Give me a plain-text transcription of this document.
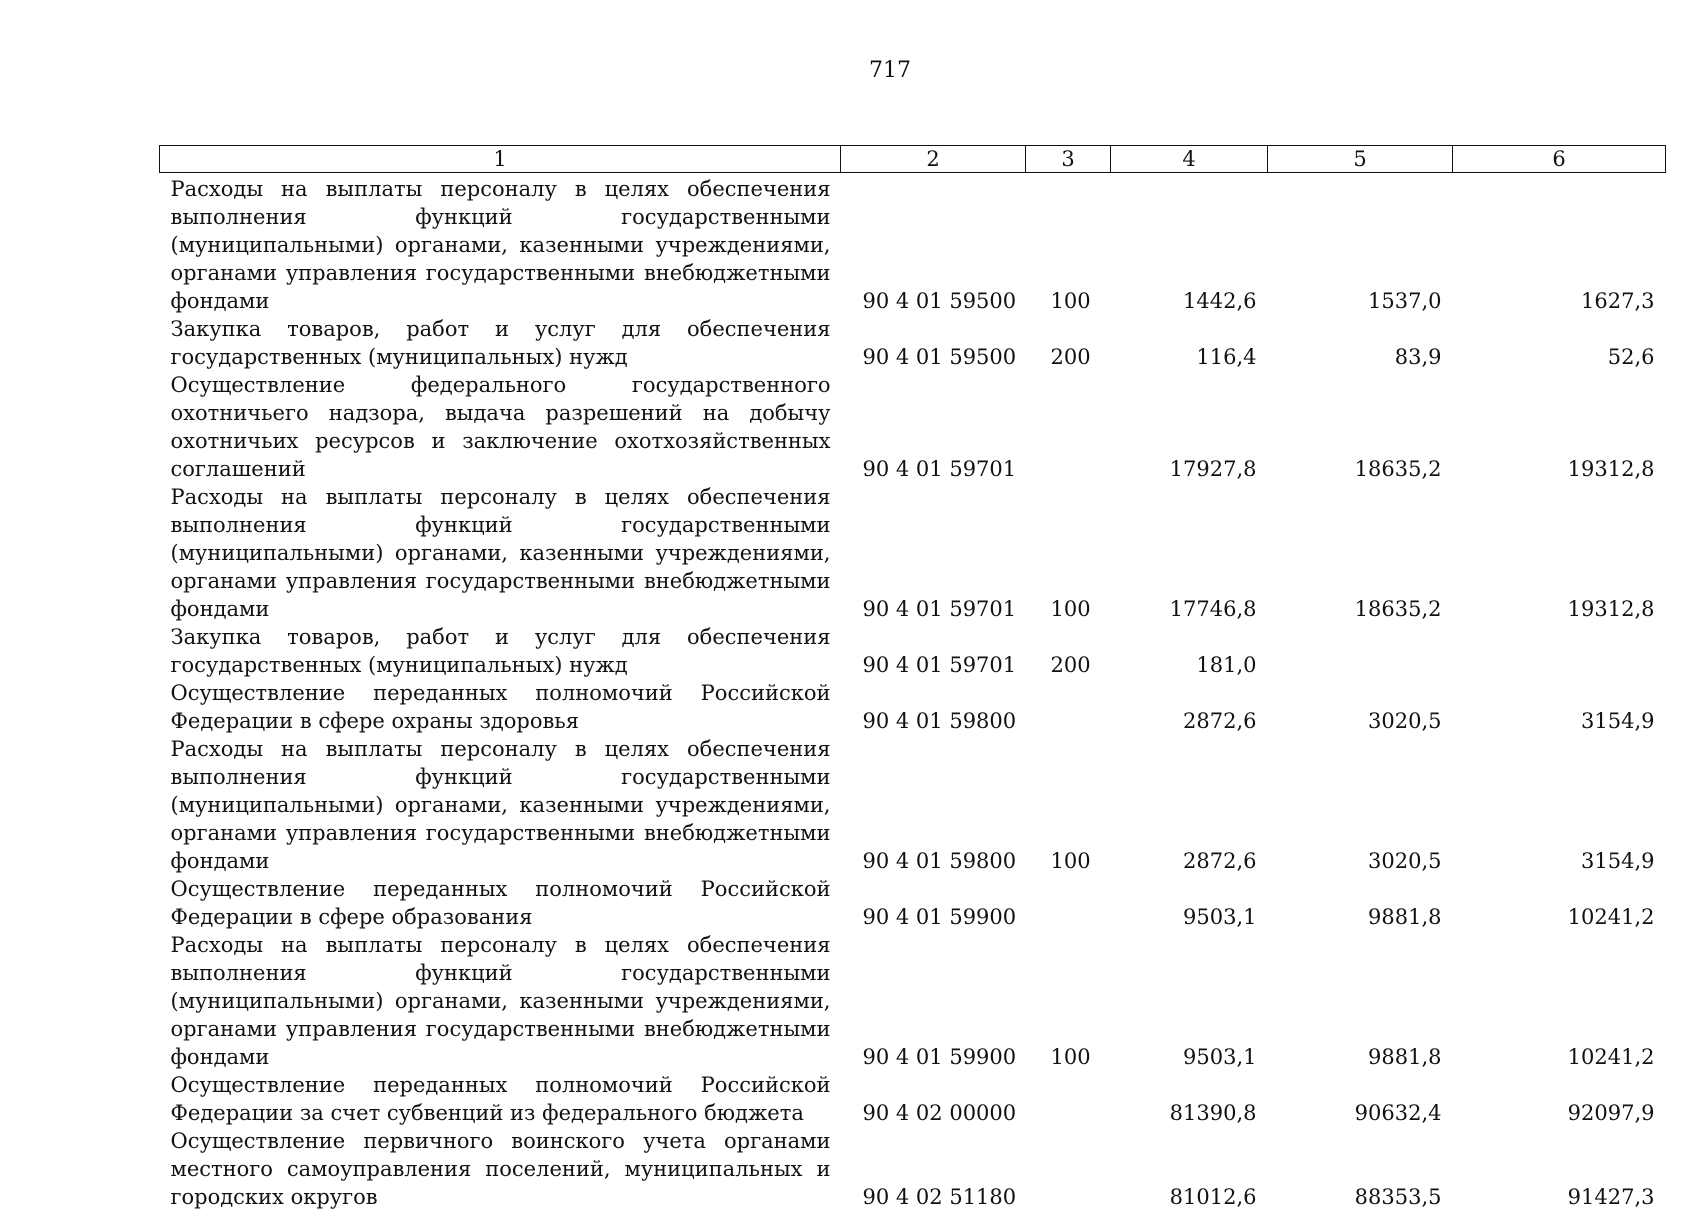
717
1	2	3	4	5	6
Расходы на выплаты персоналу в целях обеспечения выполнения функций государственными (муниципальными) органами, казенными учреждениями, органами управления государственными внебюджетными фондами	90 4 01 59500	100	1442,6	1537,0	1627,3
Закупка товаров, работ и услуг для обеспечения государственных (муниципальных) нужд	90 4 01 59500	200	116,4	83,9	52,6
Осуществление федерального государственного охотничьего надзора, выдача разрешений на добычу охотничьих ресурсов и заключение охотхозяйственных соглашений	90 4 01 59701		17927,8	18635,2	19312,8
Расходы на выплаты персоналу в целях обеспечения выполнения функций государственными (муниципальными) органами, казенными учреждениями, органами управления государственными внебюджетными фондами	90 4 01 59701	100	17746,8	18635,2	19312,8
Закупка товаров, работ и услуг для обеспечения государственных (муниципальных) нужд	90 4 01 59701	200	181,0		
Осуществление переданных полномочий Российской Федерации в сфере охраны здоровья	90 4 01 59800		2872,6	3020,5	3154,9
Расходы на выплаты персоналу в целях обеспечения выполнения функций государственными (муниципальными) органами, казенными учреждениями, органами управления государственными внебюджетными фондами	90 4 01 59800	100	2872,6	3020,5	3154,9
Осуществление переданных полномочий Российской Федерации в сфере образования	90 4 01 59900		9503,1	9881,8	10241,2
Расходы на выплаты персоналу в целях обеспечения выполнения функций государственными (муниципальными) органами, казенными учреждениями, органами управления государственными внебюджетными фондами	90 4 01 59900	100	9503,1	9881,8	10241,2
Осуществление переданных полномочий Российской Федерации за счет субвенций из федерального бюджета	90 4 02 00000		81390,8	90632,4	92097,9
Осуществление первичного воинского учета органами местного самоуправления поселений, муниципальных и городских округов	90 4 02 51180		81012,6	88353,5	91427,3
